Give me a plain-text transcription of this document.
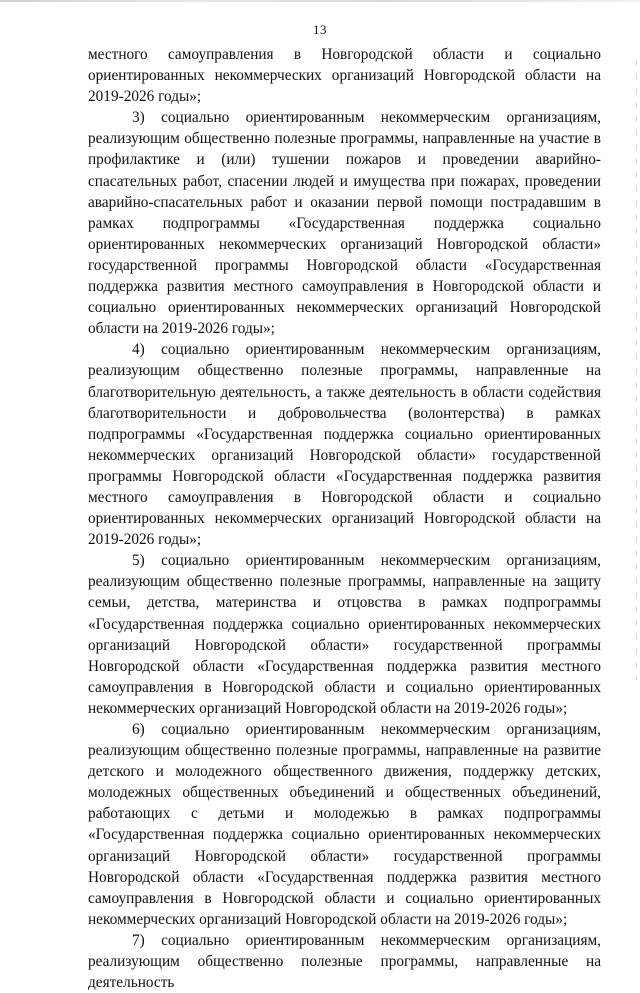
13

местного самоуправления в Новгородской области и социально ориентированных некоммерческих организаций Новгородской области на 2019-2026 годы»;

3) социально ориентированным некоммерческим организациям, реализующим общественно полезные программы, направленные на участие в профилактике и (или) тушении пожаров и проведении аварийно-спасательных работ, спасении людей и имущества при пожарах, проведении аварийно-спасательных работ и оказании первой помощи пострадавшим в рамках подпрограммы «Государственная поддержка социально ориентированных некоммерческих организаций Новгородской области» государственной программы Новгородской области «Государственная поддержка развития местного самоуправления в Новгородской области и социально ориентированных некоммерческих организаций Новгородской области на 2019-2026 годы»;

4) социально ориентированным некоммерческим организациям, реализующим общественно полезные программы, направленные на благотворительную деятельность, а также деятельность в области содействия благотворительности и добровольчества (волонтерства) в рамках подпрограммы «Государственная поддержка социально ориентированных некоммерческих организаций Новгородской области» государственной программы Новгородской области «Государственная поддержка развития местного самоуправления в Новгородской области и социально ориентированных некоммерческих организаций Новгородской области на 2019-2026 годы»;

5) социально ориентированным некоммерческим организациям, реализующим общественно полезные программы, направленные на защиту семьи, детства, материнства и отцовства в рамках подпрограммы «Государственная поддержка социально ориентированных некоммерческих организаций Новгородской области» государственной программы Новгородской области «Государственная поддержка развития местного самоуправления в Новгородской области и социально ориентированных некоммерческих организаций Новгородской области на 2019-2026 годы»;

6) социально ориентированным некоммерческим организациям, реализующим общественно полезные программы, направленные на развитие детского и молодежного общественного движения, поддержку детских, молодежных общественных объединений и общественных объединений, работающих с детьми и молодежью в рамках подпрограммы «Государственная поддержка социально ориентированных некоммерческих организаций Новгородской области» государственной программы Новгородской области «Государственная поддержка развития местного самоуправления в Новгородской области и социально ориентированных некоммерческих организаций Новгородской области на 2019-2026 годы»;

7) социально ориентированным некоммерческим организациям, реализующим общественно полезные программы, направленные на деятельность
